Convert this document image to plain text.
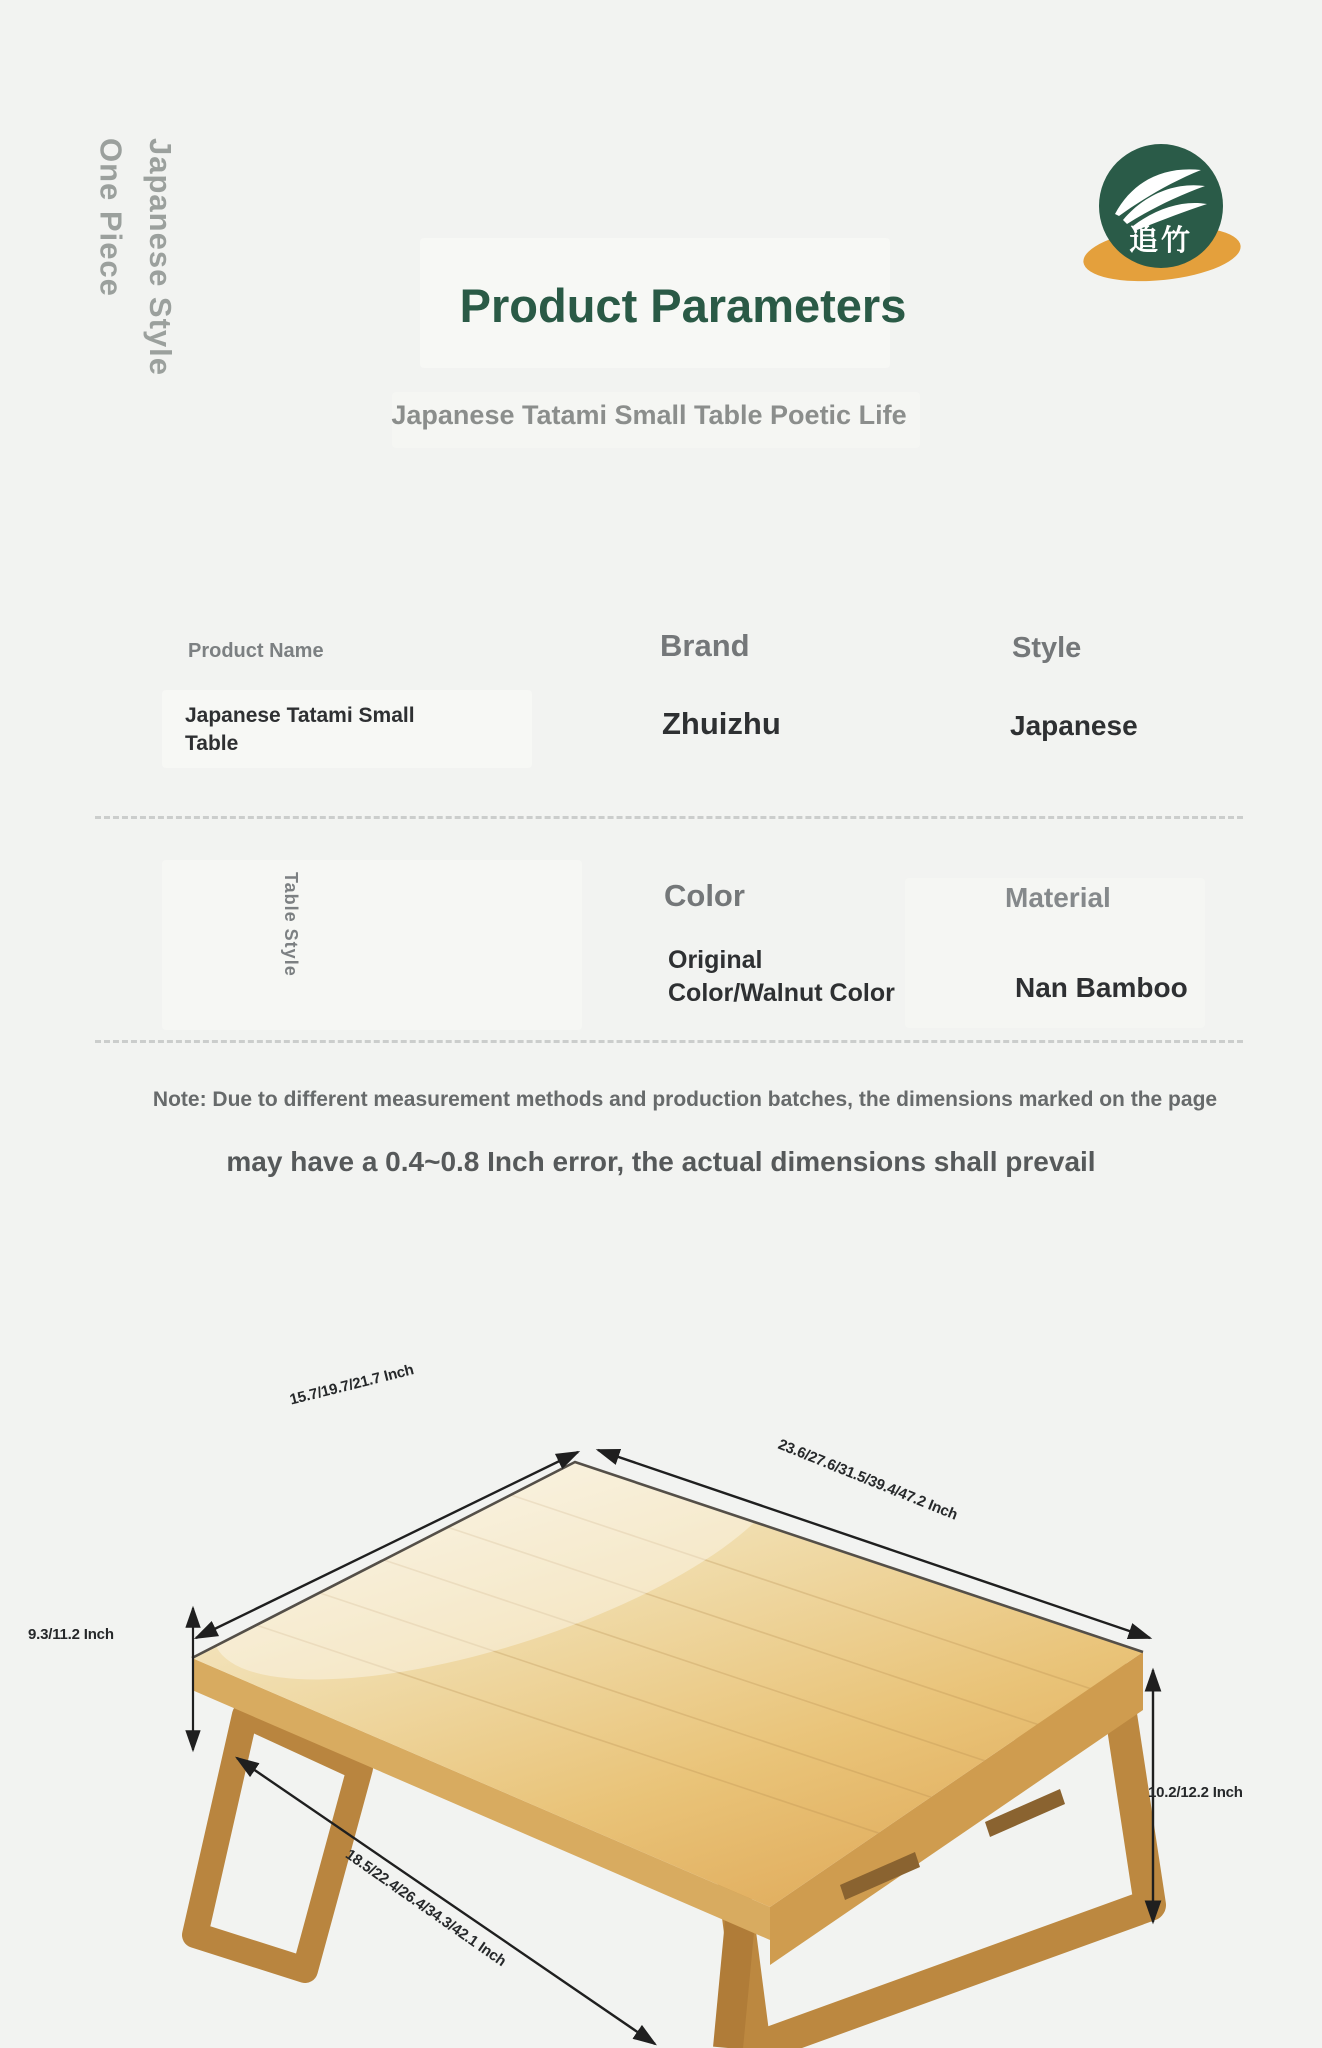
Japanese Style
One Piece	追竹
Product Parameters
Japanese Tatami Small Table Poetic Life
Product Name
Japanese Tatami Small Table
Brand
Zhuizhu
Style
Japanese
Table Style	Color
Original Color/Walnut Color
Material
Nan Bamboo
Note: Due to different measurement methods and production batches, the dimensions marked on the page
may have a 0.4~0.8 Inch error, the actual dimensions shall prevail
15.7/19.7/21.7 Inch
23.6/27.6/31.5/39.4/47.2 Inch
9.3/11.2 Inch
10.2/12.2 Inch
18.5/22.4/26.4/34.3/42.1 Inch
